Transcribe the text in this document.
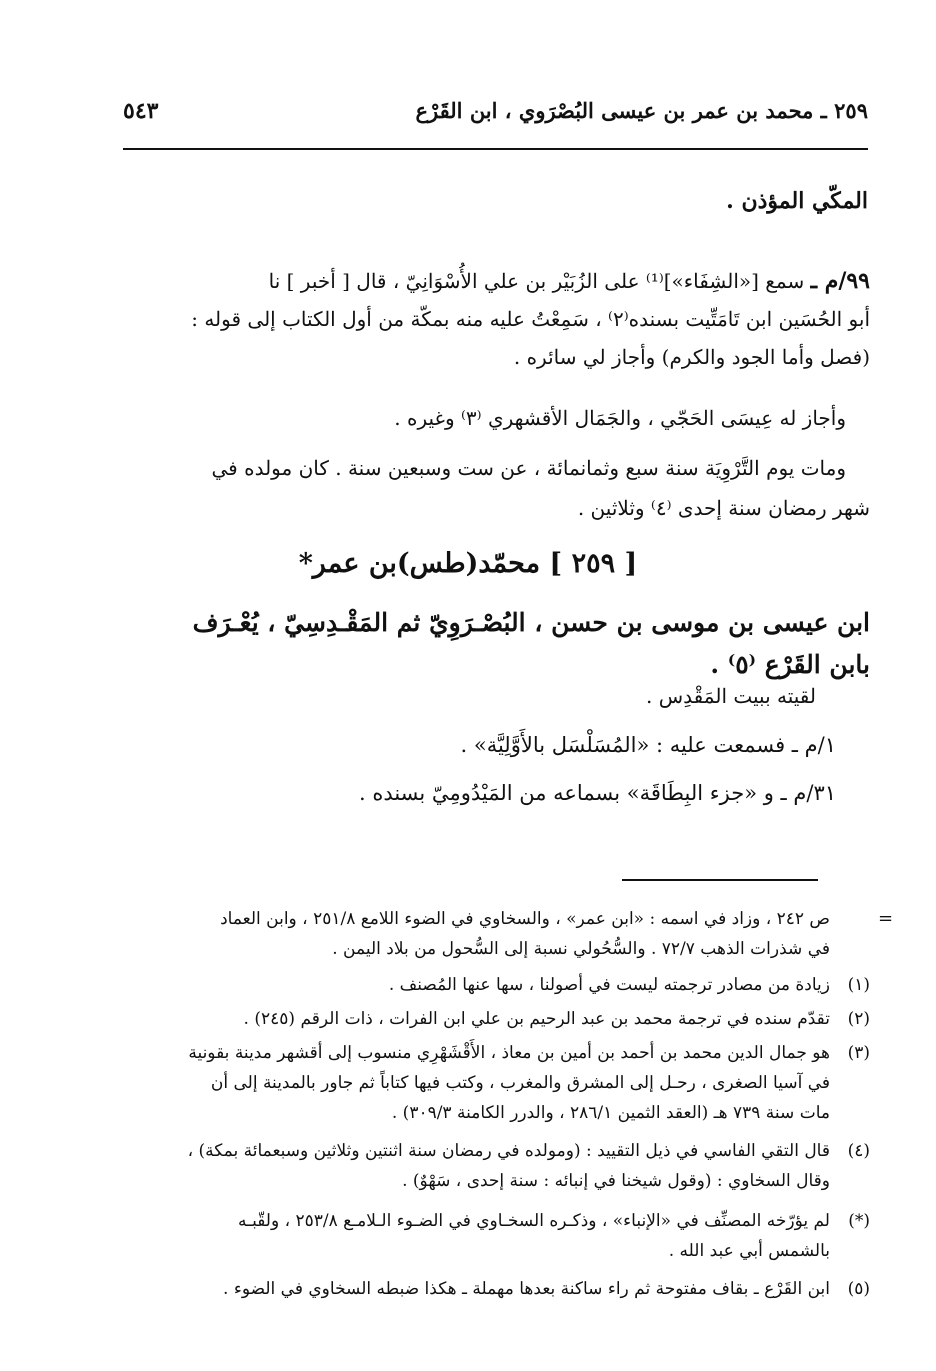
٢٥٩ ـ محمد بن عمر بن عيسى البُصْرَوي ، ابن القَرْع
٥٤٣
المكّي المؤذن .
٩٩/م ـ سمع [«الشِفَاء»]⁽¹⁾ على الزُبَيْر بن علي الأُسْوَانِيّ ، قال [ أخبر ] نا
أبو الحُسَين ابن تَامَتِّيت بسنده⁽٢⁾ ، سَمِعْتُ عليه منه بمكّة من أول الكتاب إلى قوله :
(فصل وأما الجود والكرم) وأجاز لي سائره .
وأجاز له عِيسَى الحَجّي ، والجَمَال الأقشهري ⁽٣⁾ وغيره .
ومات يوم التَّرْوِيَة سنة سبع وثمانمائة ، عن ست وسبعين سنة . كان مولده في
شهر رمضان سنة إحدى ⁽٤⁾ وثلاثين .
[ ٢٥٩ ] محمّد(طس)بن عمر*
ابن عيسى بن موسى بن حسن ، البُصْـرَوِيّ ثم المَقْـدِسِيّ ، يُعْـرَف
بابن القَرْع ⁽٥⁾ .
لقيته ببيت المَقْدِس .
١/م ـ فسمعت عليه : «المُسَلْسَل بالأَوَّلِيَّة» .
٣١/م ـ و «جزء البِطَاقَة» بسماعه من المَيْدُومِيّ بسنده .
=
ص ٢٤٢ ، وزاد في اسمه : «ابن عمر» ، والسخاوي في الضوء اللامع ٢٥١/٨ ، وابن العماد
في شذرات الذهب ٧٢/٧ . والسُّحُولي نسبة إلى السُّحول من بلاد اليمن .
(١)
زيادة من مصادر ترجمته ليست في أصولنا ، سها عنها المُصنف .
(٢)
تقدّم سنده في ترجمة محمد بن عبد الرحيم بن علي ابن الفرات ، ذات الرقم (٢٤٥) .
(٣)
هو جمال الدين محمد بن أحمد بن أمين بن معاذ ، الأَقْشَهْرِي منسوب إلى أقشهر مدينة بقونية
في آسيا الصغرى ، رحـل إلى المشرق والمغرب ، وكتب فيها كتاباً ثم جاور بالمدينة إلى أن
مات سنة ٧٣٩ هـ (العقد الثمين ٢٨٦/١ ، والدرر الكامنة ٣٠٩/٣) .
(٤)
قال التقي الفاسي في ذيل التقييد : (ومولده في رمضان سنة اثنتين وثلاثين وسبعمائة بمكة) ،
وقال السخاوي : (وقول شيخنا في إنبائه : سنة إحدى ، سَهْوٌ) .
(*)
لم يؤرّخه المصنِّف في «الإنباء» ، وذكـره السخـاوي في الضـوء الـلامـع ٢٥٣/٨ ، ولقّبـه
بالشمس أبي عبد الله .
(٥)
ابن القَرْع ـ بقاف مفتوحة ثم راء ساكنة بعدها مهملة ـ هكذا ضبطه السخاوي في الضوء .
